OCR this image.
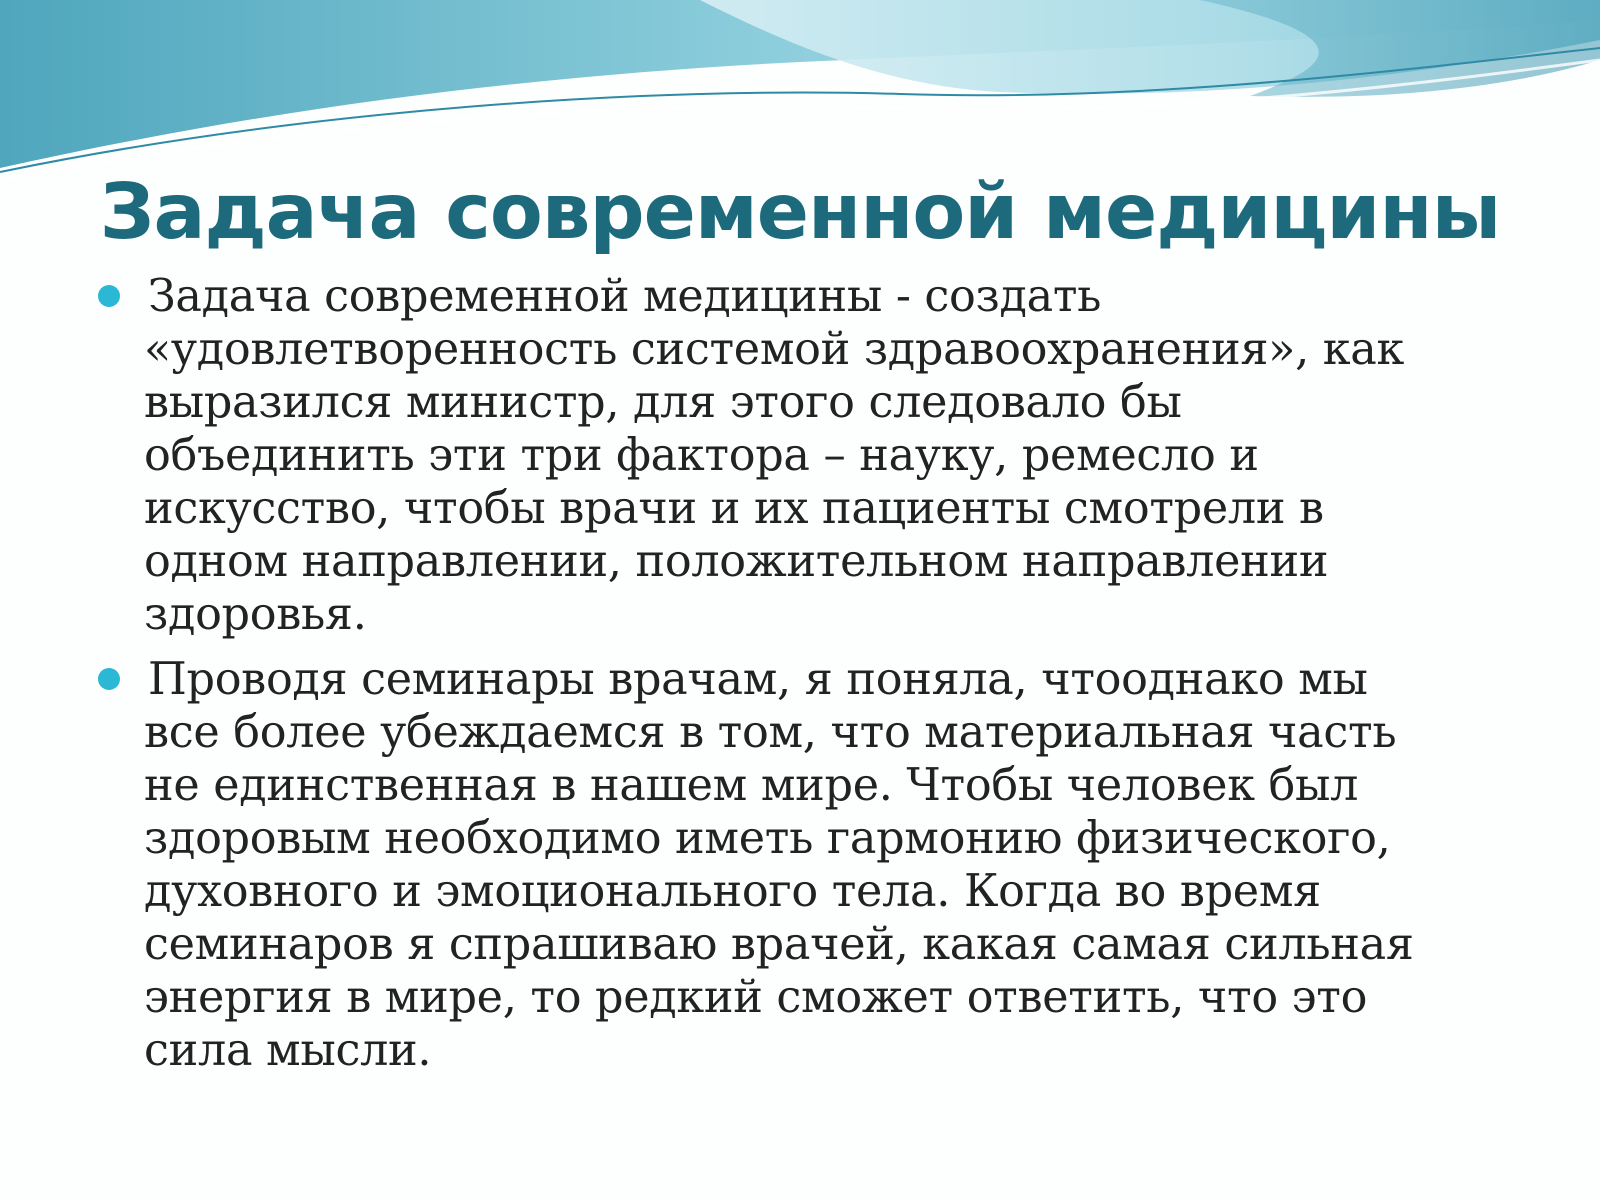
Задача современной медицины
Задача современной медицины - создать
«удовлетворенность системой здравоохранения», как
выразился министр, для этого следовало бы
объединить эти три фактора – науку, ремесло и
искусство, чтобы врачи и их пациенты смотрели в
одном направлении, положительном направлении
здоровья.
Проводя семинары врачам, я поняла, чтооднако мы
все более убеждаемся в том, что материальная часть
не единственная в нашем мире. Чтобы человек был
здоровым необходимо иметь гармонию физического,
духовного и эмоционального тела. Когда во время
семинаров я спрашиваю врачей, какая самая сильная
энергия в мире, то редкий сможет ответить, что это
сила мысли.
